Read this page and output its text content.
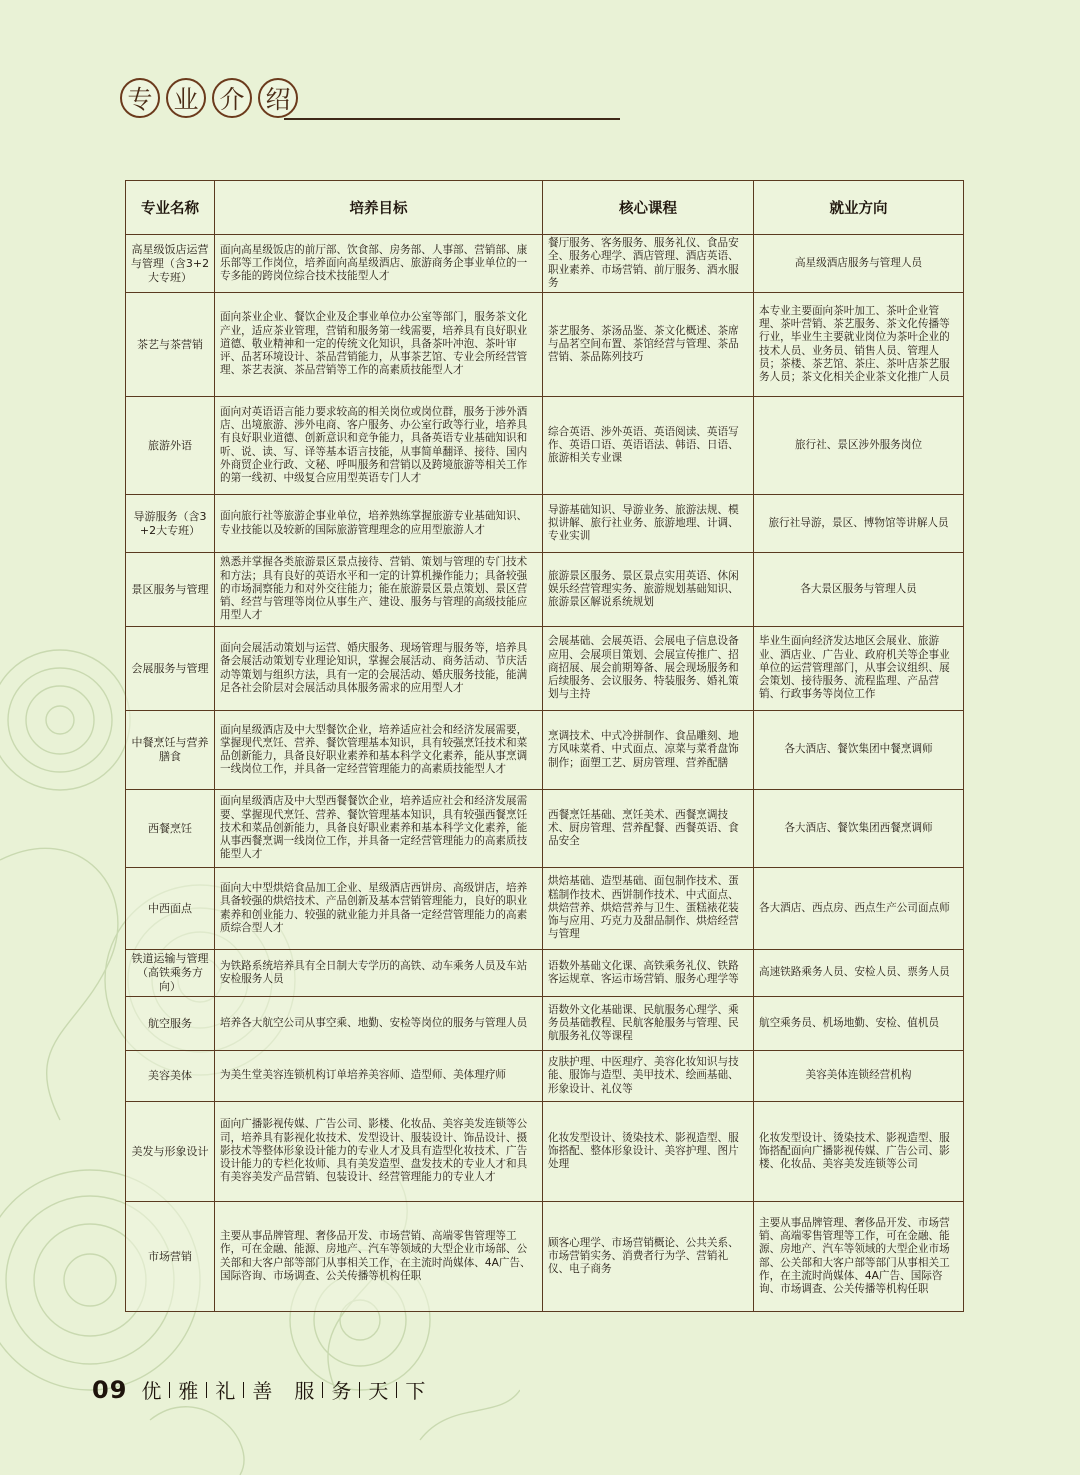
专 业 介 绍
专业名称	培养目标	核心课程	就业方向
高星级饭店运营与管理（含3+2大专班）	面向高星级饭店的前厅部、饮食部、房务部、人事部、营销部、康乐部等工作岗位，培养面向高星级酒店、旅游商务企事业单位的一专多能的跨岗位综合技术技能型人才	餐厅服务、客务服务、服务礼仪、食品安全、服务心理学、酒店管理、酒店英语、职业素养、市场营销、前厅服务、酒水服务	高星级酒店服务与管理人员
茶艺与茶营销	面向茶业企业、餐饮企业及企事业单位办公室等部门，服务茶文化产业，适应茶业管理，营销和服务第一线需要，培养具有良好职业道德、敬业精神和一定的传统文化知识，具备茶叶冲泡、茶叶审评、品茗环境设计、茶品营销能力，从事茶艺馆、专业会所经营管理、茶艺表演、茶品营销等工作的高素质技能型人才	茶艺服务、茶汤品鉴、茶文化概述、茶席与品茗空间布置、茶馆经营与管理、茶品营销、茶品陈列技巧	本专业主要面向茶叶加工、茶叶企业管理、茶叶营销、茶艺服务、茶文化传播等行业，毕业生主要就业岗位为茶叶企业的技术人员、业务员、销售人员、管理人员；茶楼、茶艺馆、茶庄、茶叶店茶艺服务人员；茶文化相关企业茶文化推广人员
旅游外语	面向对英语语言能力要求较高的相关岗位或岗位群，服务于涉外酒店、出境旅游、涉外电商、客户服务、办公室行政等行业，培养具有良好职业道德、创新意识和竞争能力，具备英语专业基础知识和听、说、读、写、译等基本语言技能，从事简单翻译、接待、国内外商贸企业行政、文秘、呼叫服务和营销以及跨境旅游等相关工作的第一线初、中级复合应用型英语专门人才	综合英语、涉外英语、英语阅读、英语写作、英语口语、英语语法、韩语、日语、旅游相关专业课	旅行社、景区涉外服务岗位
导游服务（含3+2大专班）	面向旅行社等旅游企事业单位，培养熟练掌握旅游专业基础知识、专业技能以及较新的国际旅游管理理念的应用型旅游人才	导游基础知识、导游业务、旅游法规、模拟讲解、旅行社业务、旅游地理、计调、专业实训	旅行社导游，景区、博物馆等讲解人员
景区服务与管理	熟悉并掌握各类旅游景区景点接待、营销、策划与管理的专门技术和方法；具有良好的英语水平和一定的计算机操作能力；具备较强的市场洞察能力和对外交往能力；能在旅游景区景点策划、景区营销、经营与管理等岗位从事生产、建设、服务与管理的高级技能应用型人才	旅游景区服务、景区景点实用英语、休闲娱乐经营管理实务、旅游规划基础知识、旅游景区解说系统规划	各大景区服务与管理人员
会展服务与管理	面向会展活动策划与运营、婚庆服务、现场管理与服务等，培养具备会展活动策划专业理论知识，掌握会展活动、商务活动、节庆活动等策划与组织方法，具有一定的会展活动、婚庆服务技能，能满足各社会阶层对会展活动具体服务需求的应用型人才	会展基础、会展英语、会展电子信息设备应用、会展项目策划、会展宣传推广、招商招展、展会前期筹备、展会现场服务和后续服务、会议服务、特装服务、婚礼策划与主持	毕业生面向经济发达地区会展业、旅游业、酒店业、广告业、政府机关等企事业单位的运营管理部门，从事会议组织、展会策划、接待服务、流程监理、产品营销、行政事务等岗位工作
中餐烹饪与营养膳食	面向星级酒店及中大型餐饮企业，培养适应社会和经济发展需要，掌握现代烹饪、营养、餐饮管理基本知识，具有较强烹饪技术和菜品创新能力，具备良好职业素养和基本科学文化素养，能从事烹调一线岗位工作，并具备一定经营管理能力的高素质技能型人才	烹调技术、中式冷拼制作、食品雕刻、地方风味菜肴、中式面点、凉菜与菜肴盘饰制作；面塑工艺、厨房管理、营养配膳	各大酒店、餐饮集团中餐烹调师
西餐烹饪	面向星级酒店及中大型西餐餐饮企业，培养适应社会和经济发展需要、掌握现代烹饪、营养、餐饮管理基本知识，具有较强西餐烹饪技术和菜品创新能力，具备良好职业素养和基本科学文化素养，能从事西餐烹调一线岗位工作，并具备一定经营管理能力的高素质技能型人才	西餐烹饪基础、烹饪美术、西餐烹调技术、厨房管理、营养配餐、西餐英语、食品安全	各大酒店、餐饮集团西餐烹调师
中西面点	面向大中型烘焙食品加工企业、星级酒店西饼房、高级饼店，培养具备较强的烘焙技术、产品创新及基本营销管理能力，良好的职业素养和创业能力、较强的就业能力并具备一定经营管理能力的高素质综合型人才	烘焙基础、造型基础、面包制作技术、蛋糕制作技术、西饼制作技术、中式面点、烘焙营养、烘焙营养与卫生、蛋糕裱花装饰与应用、巧克力及甜品制作、烘焙经营与管理	各大酒店、西点房、西点生产公司面点师
铁道运输与管理（高铁乘务方向）	为铁路系统培养具有全日制大专学历的高铁、动车乘务人员及车站安检服务人员	语数外基础文化课、高铁乘务礼仪、铁路客运规章、客运市场营销、服务心理学等	高速铁路乘务人员、安检人员、票务人员
航空服务	培养各大航空公司从事空乘、地勤、安检等岗位的服务与管理人员	语数外文化基础课、民航服务心理学、乘务员基础教程、民航客舱服务与管理、民航服务礼仪等课程	航空乘务员、机场地勤、安检、值机员
美容美体	为美生堂美容连锁机构订单培养美容师、造型师、美体理疗师	皮肤护理、中医理疗、美容化妆知识与技能、服饰与造型、美甲技术、绘画基础、形象设计、礼仪等	美容美体连锁经营机构
美发与形象设计	面向广播影视传媒、广告公司、影楼、化妆品、美容美发连锁等公司，培养具有影视化妆技术、发型设计、服装设计、饰品设计、摄影技术等整体形象设计能力的专业人才及具有造型化妆技术、广告设计能力的专栏化妆师、具有美发造型、盘发技术的专业人才和具有美容美发产品营销、包装设计、经营管理能力的专业人才	化妆发型设计、烫染技术、影视造型、服饰搭配、整体形象设计、美容护理、图片处理	化妆发型设计、烫染技术、影视造型、服饰搭配面向广播影视传媒、广告公司、影楼、化妆品、美容美发连锁等公司
市场营销	主要从事品牌管理、奢侈品开发、市场营销、高端零售管理等工作，可在金融、能源、房地产、汽车等领域的大型企业市场部、公关部和大客户部等部门从事相关工作，在主流时尚媒体、4A广告、国际咨询、市场调查、公关传播等机构任职	顾客心理学、市场营销概论、公共关系、市场营销实务、消费者行为学、营销礼仪、电子商务	主要从事品牌管理、奢侈品开发、市场营销、高端零售管理等工作，可在金融、能源、房地产、汽车等领域的大型企业市场部、公关部和大客户部等部门从事相关工作，在主流时尚媒体、4A广告、国际咨询、市场调查、公关传播等机构任职
09 优 雅 礼 善 服 务 天 下
